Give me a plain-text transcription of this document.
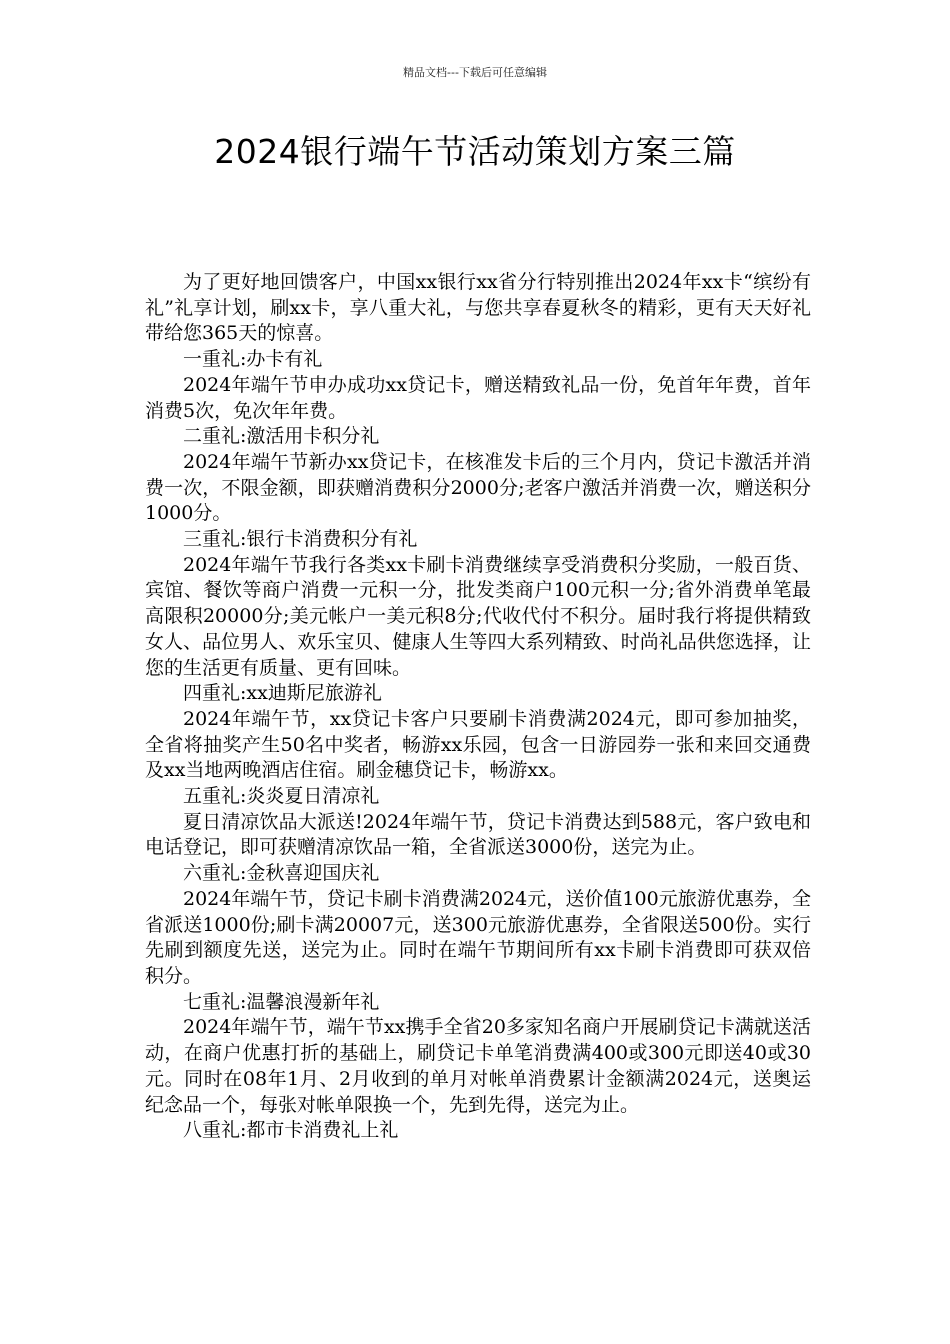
精品文档---下载后可任意编辑
2024银行端午节活动策划方案三篇

为了更好地回馈客户，中国xx银行xx省分行特别推出2024年xx卡“缤纷有礼”礼享计划，刷xx卡，享八重大礼，与您共享春夏秋冬的精彩，更有天天好礼带给您365天的惊喜。

一重礼:办卡有礼

2024年端午节申办成功xx贷记卡，赠送精致礼品一份，免首年年费，首年消费5次，免次年年费。

二重礼:激活用卡积分礼

2024年端午节新办xx贷记卡，在核准发卡后的三个月内，贷记卡激活并消费一次，不限金额，即获赠消费积分2000分;老客户激活并消费一次，赠送积分1000分。

三重礼:银行卡消费积分有礼

2024年端午节我行各类xx卡刷卡消费继续享受消费积分奖励，一般百货、宾馆、餐饮等商户消费一元积一分，批发类商户100元积一分;省外消费单笔最高限积20000分;美元帐户一美元积8分;代收代付不积分。届时我行将提供精致女人、品位男人、欢乐宝贝、健康人生等四大系列精致、时尚礼品供您选择，让您的生活更有质量、更有回味。

四重礼:xx迪斯尼旅游礼

2024年端午节，xx贷记卡客户只要刷卡消费满2024元，即可参加抽奖，全省将抽奖产生50名中奖者，畅游xx乐园，包含一日游园券一张和来回交通费及xx当地两晚酒店住宿。刷金穗贷记卡，畅游xx。

五重礼:炎炎夏日清凉礼

夏日清凉饮品大派送!2024年端午节，贷记卡消费达到588元，客户致电和电话登记，即可获赠清凉饮品一箱，全省派送3000份，送完为止。

六重礼:金秋喜迎国庆礼

2024年端午节，贷记卡刷卡消费满2024元，送价值100元旅游优惠券，全省派送1000份;刷卡满20007元，送300元旅游优惠券，全省限送500份。实行先刷到额度先送，送完为止。同时在端午节期间所有xx卡刷卡消费即可获双倍积分。

七重礼:温馨浪漫新年礼

2024年端午节，端午节xx携手全省20多家知名商户开展刷贷记卡满就送活动，在商户优惠打折的基础上，刷贷记卡单笔消费满400或300元即送40或30元。同时在08年1月、2月收到的单月对帐单消费累计金额满2024元，送奥运纪念品一个，每张对帐单限换一个，先到先得，送完为止。

八重礼:都市卡消费礼上礼
